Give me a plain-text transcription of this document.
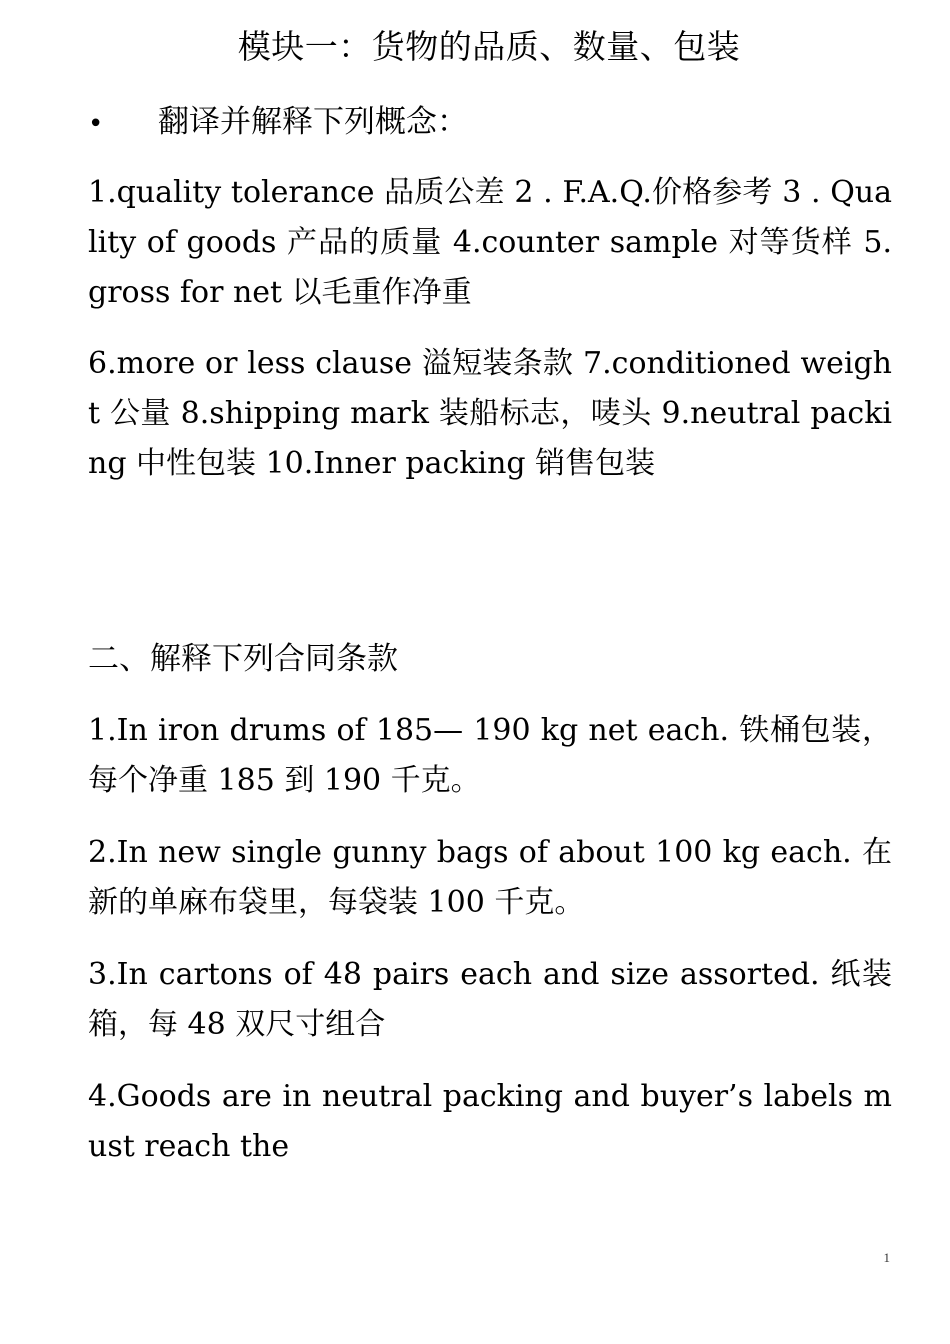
模块一：货物的品质、数量、包装
• 翻译并解释下列概念：
1.quality tolerance 品质公差 2 . F.A.Q.价格参考 3 . Quality of goods 产品的质量 4.counter sample 对等货样 5.gross for net 以毛重作净重
6.more or less clause 溢短装条款 7.conditioned weight 公量 8.shipping mark 装船标志，唛头 9.neutral packing 中性包装 10.Inner packing 销售包装
二、解释下列合同条款
1.In iron drums of 185— 190 kg net each. 铁桶包装，每个净重 185 到 190 千克。
2.In new single gunny bags of about 100 kg each. 在新的单麻布袋里，每袋装 100 千克。
3.In cartons of 48 pairs each and size assorted. 纸装箱，每 48 双尺寸组合
4.Goods are in neutral packing and buyer’s labels must reach the
1
